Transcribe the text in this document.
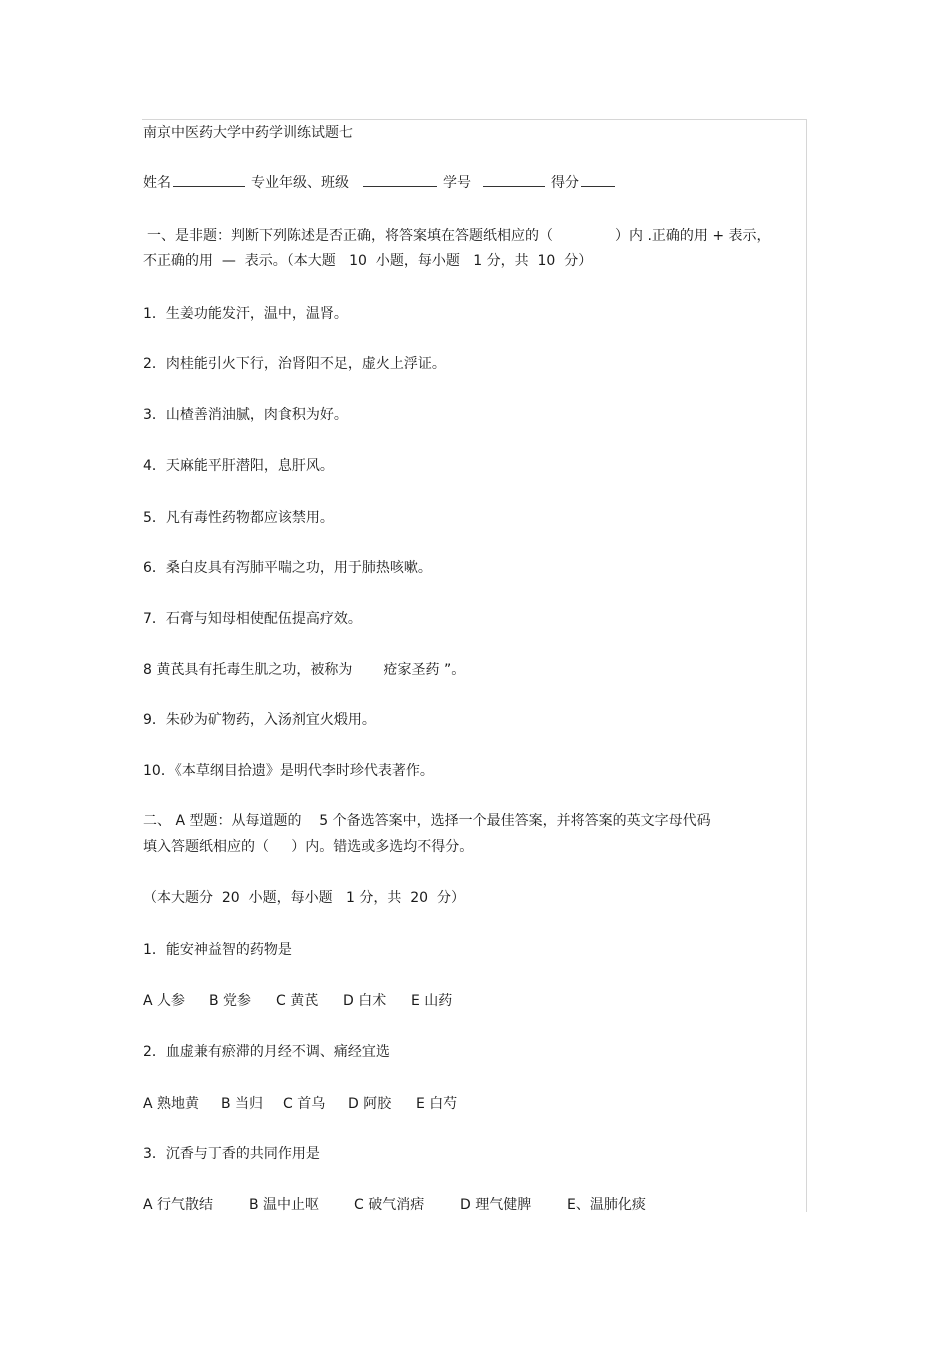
南京中医药大学中药学训练试题七
姓名	专业年级、班级	学号	得分
一、是非题：判断下列陈述是否正确，将答案填在答题纸相应的（	）内 .正确的用 + 表示，
不正确的用  —  表示。（本大题   10  小题，每小题   1 分，共  10  分）
1．生姜功能发汗，温中，温肾。
2．肉桂能引火下行，治肾阳不足，虚火上浮证。
3．山楂善消油腻，肉食积为好。
4．天麻能平肝潜阳，息肝风。
5．凡有毒性药物都应该禁用。
6．桑白皮具有泻肺平喘之功，用于肺热咳嗽。
7．石膏与知母相使配伍提高疗效。
8 黄芪具有托毒生肌之功，被称为       疮家圣药 ”。
9．朱砂为矿物药，入汤剂宜火煅用。
10．《本草纲目拾遗》是明代李时珍代表著作。
二、 A 型题：从每道题的    5 个备选答案中，选择一个最佳答案，并将答案的英文字母代码
填入答题纸相应的（     ）内。错选或多选均不得分。
（本大题分  20  小题，每小题   1 分，共  20  分）
1．能安神益智的药物是
A 人参 B 党参 C 黄芪 D 白术 E 山药
2．血虚兼有瘀滞的月经不调、痛经宜选
A 熟地黄 B 当归 C 首乌 D 阿胶 E 白芍
3．沉香与丁香的共同作用是
A 行气散结	B 温中止呕 C 破气消痞	D 理气健脾	E、温肺化痰
